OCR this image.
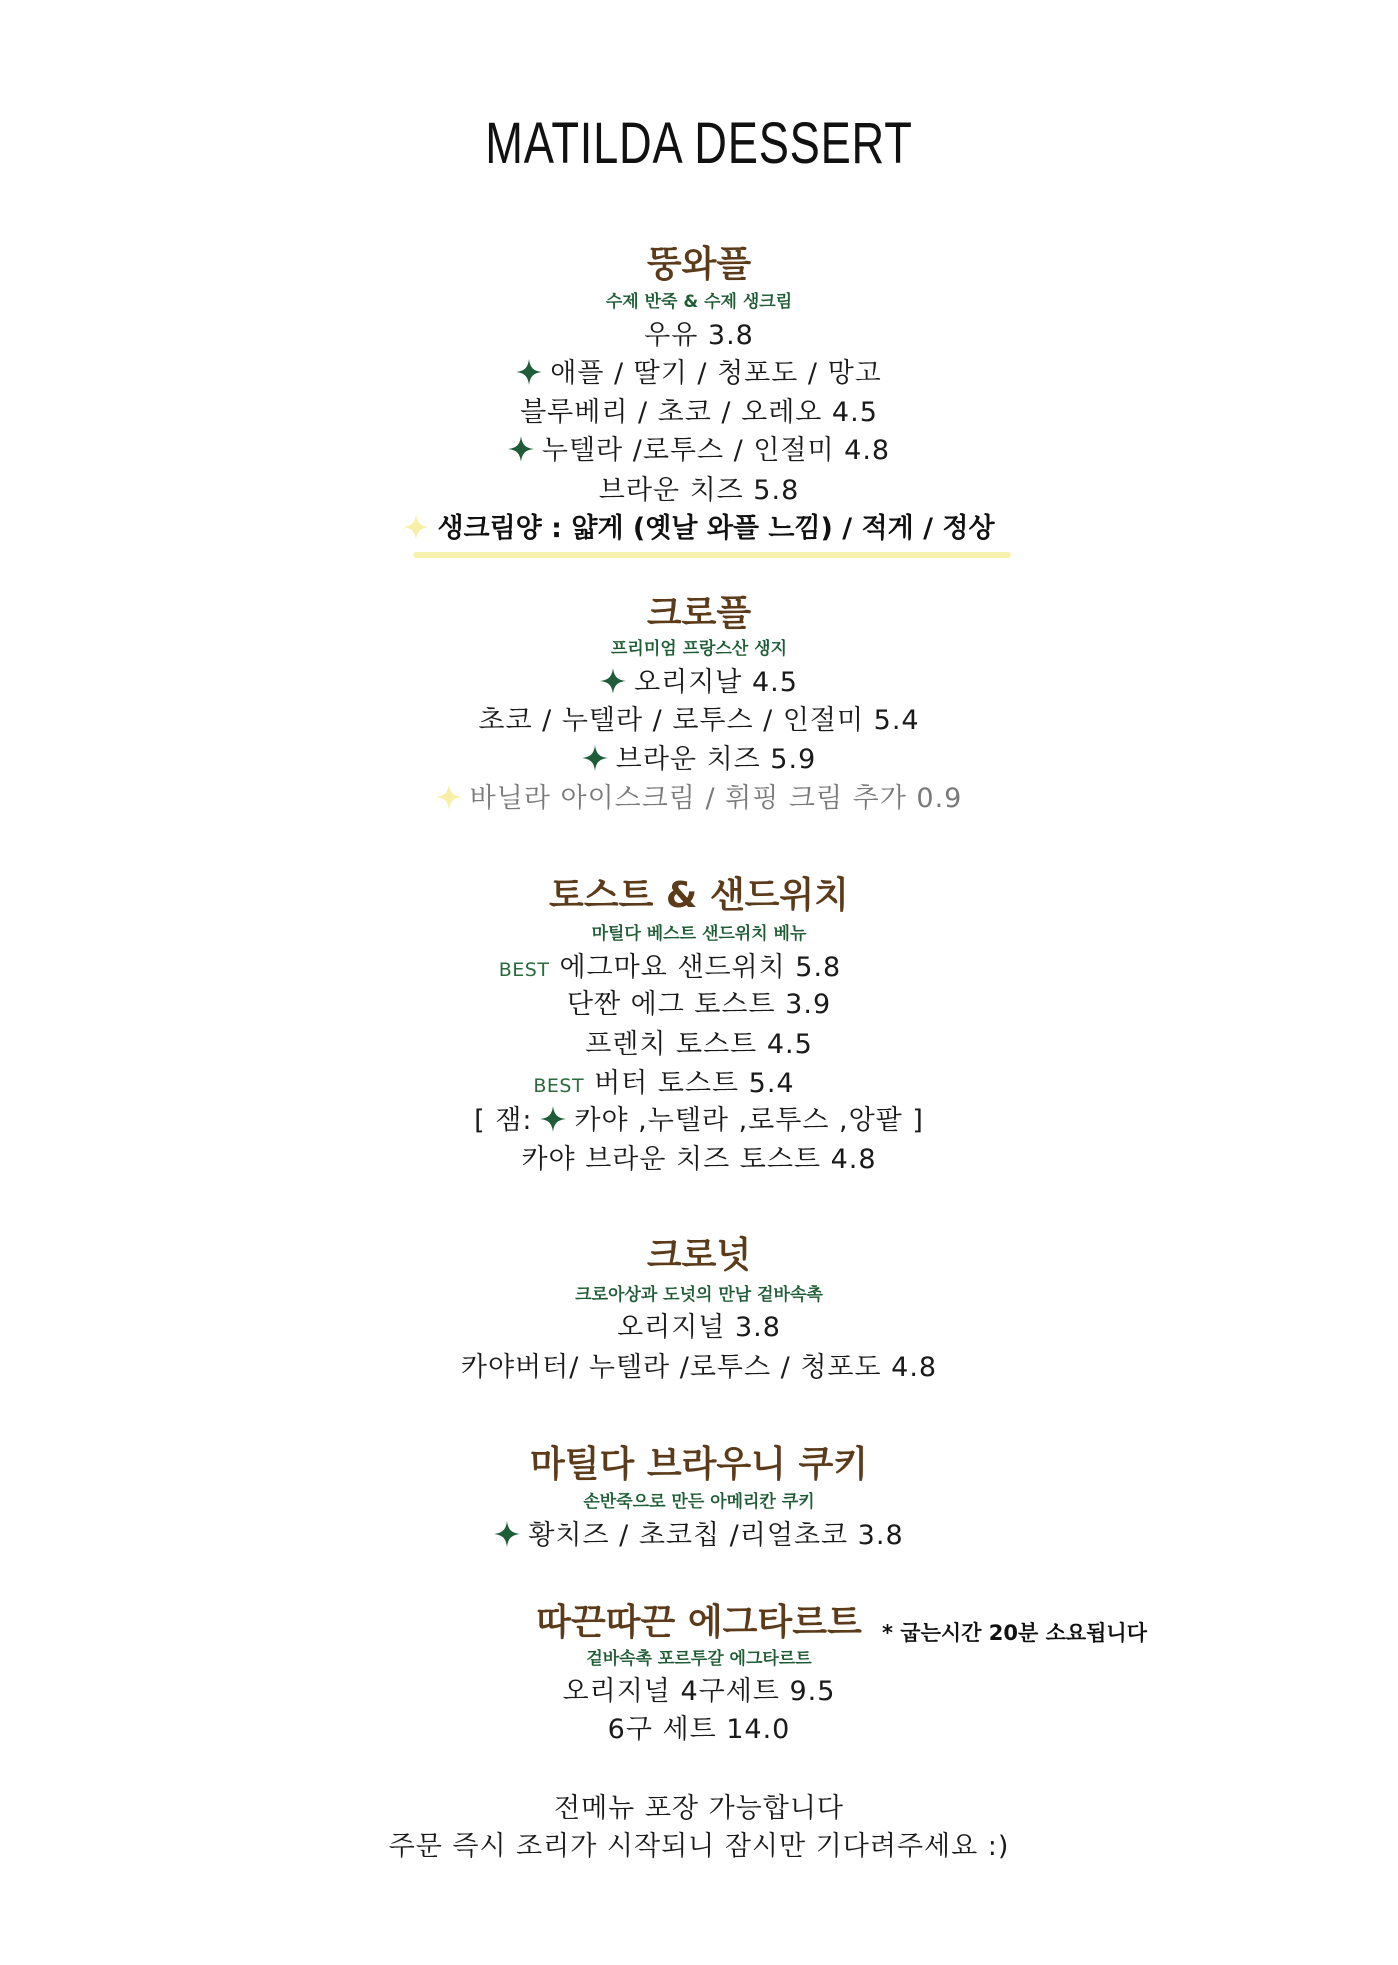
MATILDA DESSERT
뚱와플
수제 반죽 & 수제 생크림
우유 3.8
애플 / 딸기 / 청포도 / 망고
블루베리 / 초코 / 오레오 4.5
누텔라 /로투스 / 인절미 4.8
브라운 치즈 5.8
생크림양 : 얇게 (옛날 와플 느낌) / 적게 / 정상
크로플
프리미엄 프랑스산 생지
오리지날 4.5
초코 / 누텔라 / 로투스 / 인절미 5.4
브라운 치즈 5.9
바닐라 아이스크림 / 휘핑 크림 추가 0.9
토스트 & 샌드위치
마틸다 베스트 샌드위치 베뉴
BEST 에그마요 샌드위치 5.8
단짠 에그 토스트 3.9
프렌치 토스트 4.5
BEST 버터 토스트 5.4
[ 잼: 카야 ,누텔라 ,로투스 ,앙팥 ]
카야 브라운 치즈 토스트 4.8
크로넛
크로아상과 도넛의 만남 겉바속촉
오리지널 3.8
카야버터/ 누텔라 /로투스 / 청포도 4.8
마틸다 브라우니 쿠키
손반죽으로 만든 아메리칸 쿠키
황치즈 / 초코칩 /리얼초코 3.8
따끈따끈 에그타르트 * 굽는시간 20분 소요됩니다
겉바속촉 포르투갈 에그타르트
오리지널 4구세트 9.5
6구 세트 14.0
전메뉴 포장 가능합니다
주문 즉시 조리가 시작되니 잠시만 기다려주세요 :)
